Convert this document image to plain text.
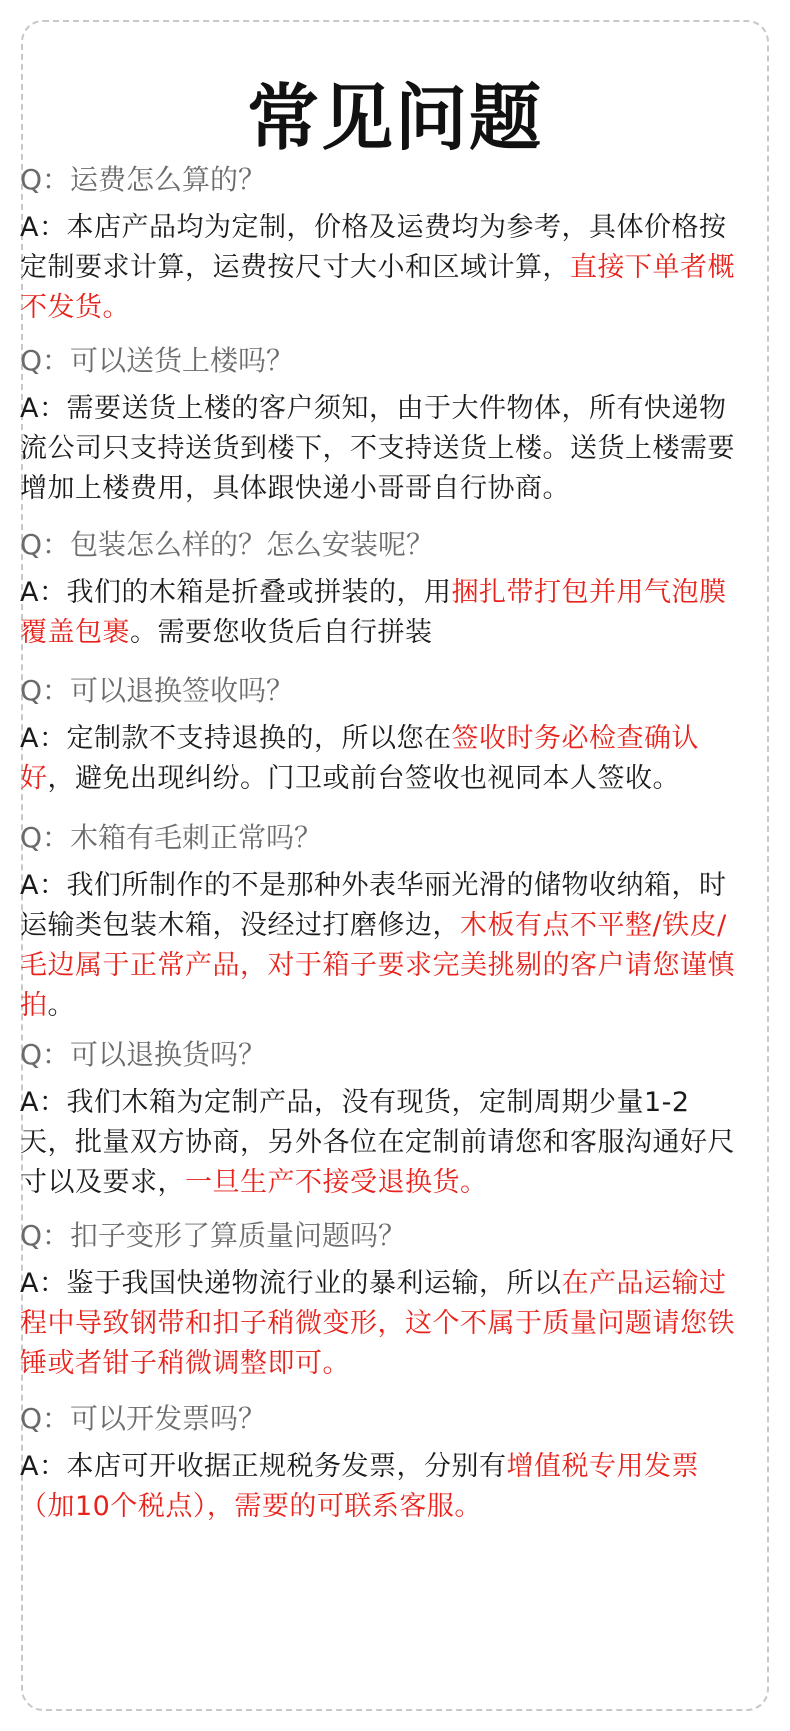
常见问题

Q：运费怎么算的？

A：本店产品均为定制，价格及运费均为参考，具体价格按定制要求计算，运费按尺寸大小和区域计算，直接下单者概不发货。

Q：可以送货上楼吗？

A：需要送货上楼的客户须知，由于大件物体，所有快递物流公司只支持送货到楼下，不支持送货上楼。送货上楼需要增加上楼费用，具体跟快递小哥哥自行协商。

Q：包装怎么样的？怎么安装呢？

A：我们的木箱是折叠或拼装的，用捆扎带打包并用气泡膜覆盖包裹。需要您收货后自行拼装

Q：可以退换签收吗？

A：定制款不支持退换的，所以您在签收时务必检查确认好，避免出现纠纷。门卫或前台签收也视同本人签收。

Q：木箱有毛刺正常吗？

A：我们所制作的不是那种外表华丽光滑的储物收纳箱，时运输类包装木箱，没经过打磨修边，木板有点不平整/铁皮/毛边属于正常产品，对于箱子要求完美挑剔的客户请您谨慎拍。

Q：可以退换货吗？

A：我们木箱为定制产品，没有现货，定制周期少量1-2天，批量双方协商，另外各位在定制前请您和客服沟通好尺寸以及要求，一旦生产不接受退换货。

Q：扣子变形了算质量问题吗？

A：鉴于我国快递物流行业的暴利运输，所以在产品运输过程中导致钢带和扣子稍微变形，这个不属于质量问题请您铁锤或者钳子稍微调整即可。

Q：可以开发票吗？

A：本店可开收据正规税务发票，分别有增值税专用发票（加10个税点），需要的可联系客服。
